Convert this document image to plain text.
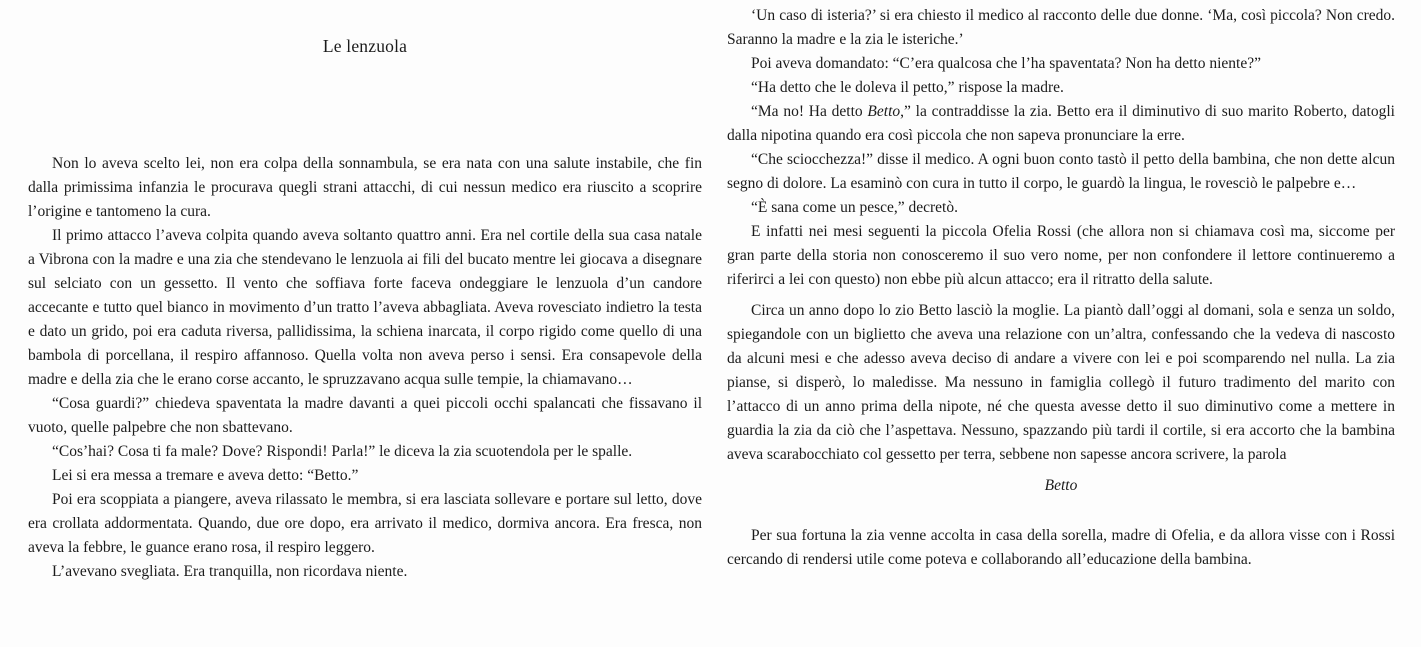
Le lenzuola

Non lo aveva scelto lei, non era colpa della sonnambula, se era nata con una salute instabile, che fin dalla primissima infanzia le procurava quegli strani attacchi, di cui nessun medico era riuscito a scoprire l’origine e tantomeno la cura.

Il primo attacco l’aveva colpita quando aveva soltanto quattro anni. Era nel cortile della sua casa natale a Vibrona con la madre e una zia che stendevano le lenzuola ai fili del bucato mentre lei giocava a disegnare sul selciato con un gessetto. Il vento che soffiava forte faceva ondeggiare le lenzuola d’un candore accecante e tutto quel bianco in movimento d’un tratto l’aveva abbagliata. Aveva rovesciato indietro la testa e dato un grido, poi era caduta riversa, pallidissima, la schiena inarcata, il corpo rigido come quello di una bambola di porcellana, il respiro affannoso. Quella volta non aveva perso i sensi. Era consapevole della madre e della zia che le erano corse accanto, le spruzzavano acqua sulle tempie, la chiamavano…

“Cosa guardi?” chiedeva spaventata la madre davanti a quei piccoli occhi spalancati che fissavano il vuoto, quelle palpebre che non sbattevano.

“Cos’hai? Cosa ti fa male? Dove? Rispondi! Parla!” le diceva la zia scuotendola per le spalle.

Lei si era messa a tremare e aveva detto: “Betto.”

Poi era scoppiata a piangere, aveva rilassato le membra, si era lasciata sollevare e portare sul letto, dove era crollata addormentata. Quando, due ore dopo, era arrivato il medico, dormiva ancora. Era fresca, non aveva la febbre, le guance erano rosa, il respiro leggero.

L’avevano svegliata. Era tranquilla, non ricordava niente.

‘Un caso di isteria?’ si era chiesto il medico al racconto delle due donne. ‘Ma, così piccola? Non credo. Saranno la madre e la zia le isteriche.’

Poi aveva domandato: “C’era qualcosa che l’ha spaventata? Non ha detto niente?”

“Ha detto che le doleva il petto,” rispose la madre.

“Ma no! Ha detto Betto,” la contraddisse la zia. Betto era il diminutivo di suo marito Roberto, datogli dalla nipotina quando era così piccola che non sapeva pronunciare la erre.

“Che sciocchezza!” disse il medico. A ogni buon conto tastò il petto della bambina, che non dette alcun segno di dolore. La esaminò con cura in tutto il corpo, le guardò la lingua, le rovesciò le palpebre e…

“È sana come un pesce,” decretò.

E infatti nei mesi seguenti la piccola Ofelia Rossi (che allora non si chiamava così ma, siccome per gran parte della storia non conosceremo il suo vero nome, per non confondere il lettore continueremo a riferirci a lei con questo) non ebbe più alcun attacco; era il ritratto della salute.

Circa un anno dopo lo zio Betto lasciò la moglie. La piantò dall’oggi al domani, sola e senza un soldo, spiegandole con un biglietto che aveva una relazione con un’altra, confessando che la vedeva di nascosto da alcuni mesi e che adesso aveva deciso di andare a vivere con lei e poi scomparendo nel nulla. La zia pianse, si disperò, lo maledisse. Ma nessuno in famiglia collegò il futuro tradimento del marito con l’attacco di un anno prima della nipote, né che questa avesse detto il suo diminutivo come a mettere in guardia la zia da ciò che l’aspettava. Nessuno, spazzando più tardi il cortile, si era accorto che la bambina aveva scarabocchiato col gessetto per terra, sebbene non sapesse ancora scrivere, la parola

Betto

Per sua fortuna la zia venne accolta in casa della sorella, madre di Ofelia, e da allora visse con i Rossi cercando di rendersi utile come poteva e collaborando all’educazione della bambina.
